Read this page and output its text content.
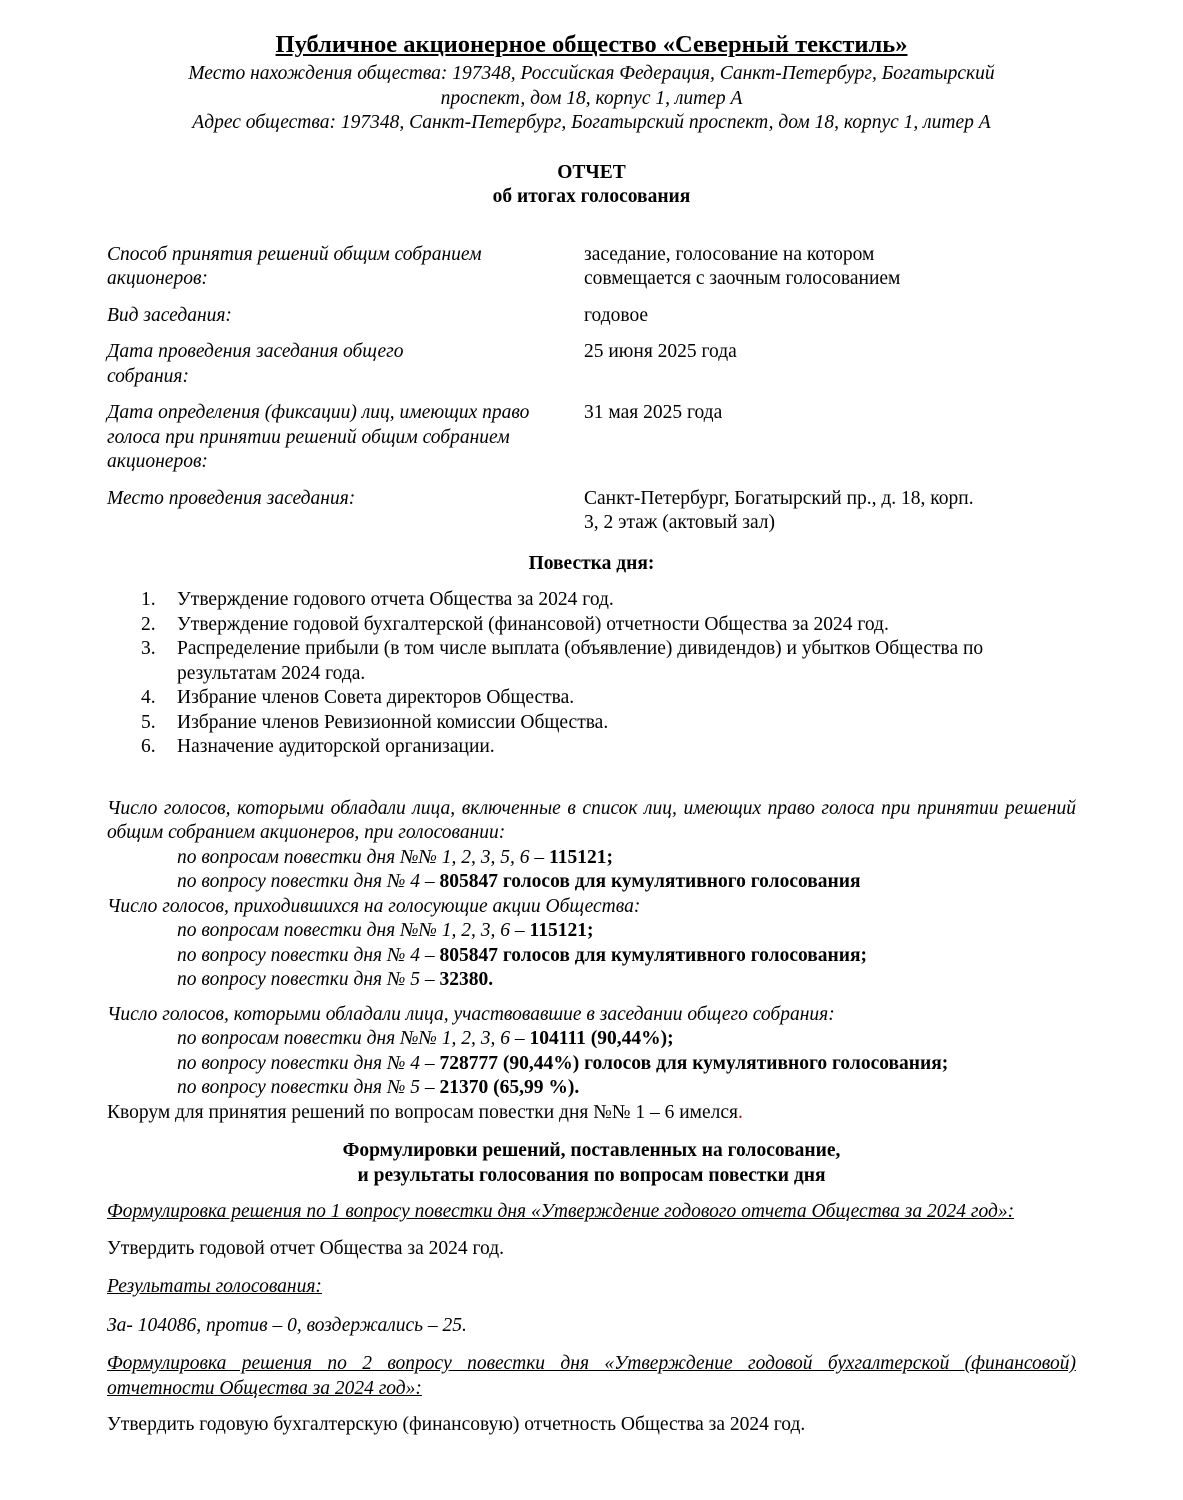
Публичное акционерное общество «Северный текстиль»
Место нахождения общества: 197348, Российская Федерация, Санкт-Петербург, Богатырский
проспект, дом 18, корпус 1, литер А
Адрес общества: 197348, Санкт-Петербург, Богатырский проспект, дом 18, корпус 1, литер А
ОТЧЕТ
об итогах голосования
Способ принятия решений общим собранием акционеров:
заседание, голосование на котором совмещается с заочным голосованием
Вид заседания:	годовое
Дата проведения заседания общего собрания:
25 июня 2025 года
Дата определения (фиксации) лиц, имеющих право голоса при принятии решений общим собранием акционеров:
31 мая 2025 года
Место проведения заседания:	Санкт-Петербург, Богатырский пр., д. 18, корп. 3, 2 этаж (актовый зал)
Повестка дня:
1. Утверждение годового отчета Общества за 2024 год.
2. Утверждение годовой бухгалтерской (финансовой) отчетности Общества за 2024 год.
3. Распределение прибыли (в том числе выплата (объявление) дивидендов) и убытков Общества по результатам 2024 года.
4. Избрание членов Совета директоров Общества.
5. Избрание членов Ревизионной комиссии Общества.
6. Назначение аудиторской организации.
Число голосов, которыми обладали лица, включенные в список лиц, имеющих право голоса при принятии решений общим собранием акционеров, при голосовании:
по вопросам повестки дня №№ 1, 2, 3, 5, 6 – 115121;
по вопросу повестки дня № 4 – 805847 голосов для кумулятивного голосования
Число голосов, приходившихся на голосующие акции Общества:
по вопросам повестки дня №№ 1, 2, 3, 6 – 115121;
по вопросу повестки дня № 4 – 805847 голосов для кумулятивного голосования;
по вопросу повестки дня № 5 – 32380.
Число голосов, которыми обладали лица, участвовавшие в заседании общего собрания:
по вопросам повестки дня №№ 1, 2, 3, 6 – 104111 (90,44%);
по вопросу повестки дня № 4 – 728777 (90,44%) голосов для кумулятивного голосования;
по вопросу повестки дня № 5 – 21370 (65,99 %).
Кворум для принятия решений по вопросам повестки дня №№ 1 – 6 имелся.
Формулировки решений, поставленных на голосование,
и результаты голосования по вопросам повестки дня
Формулировка решения по 1 вопросу повестки дня «Утверждение годового отчета Общества за 2024 год»:
Утвердить годовой отчет Общества за 2024 год.
Результаты голосования:
За- 104086, против – 0, воздержались – 25.
Формулировка решения по 2 вопросу повестки дня «Утверждение годовой бухгалтерской (финансовой) отчетности Общества за 2024 год»:
Утвердить годовую бухгалтерскую (финансовую) отчетность Общества за 2024 год.
